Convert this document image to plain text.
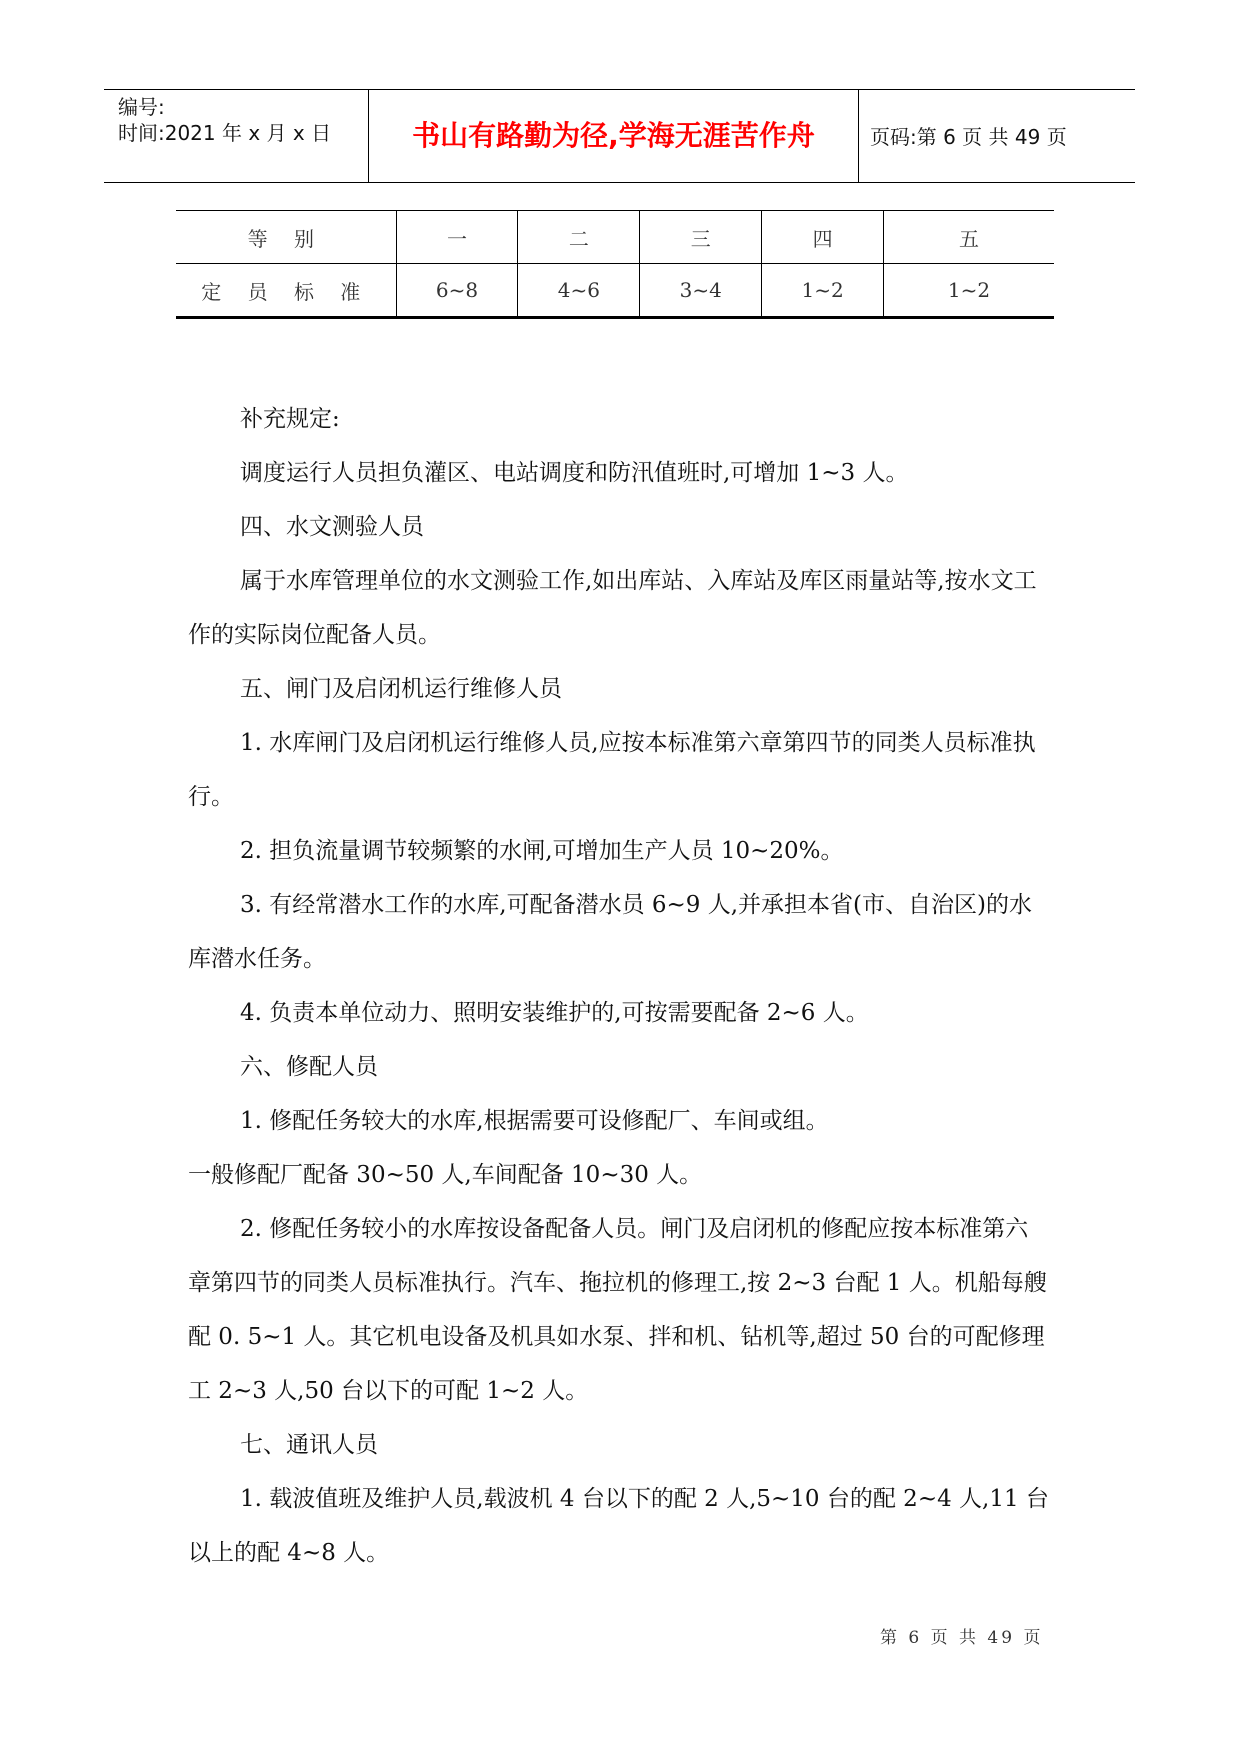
编号:
时间:2021 年 x 月 x 日	书山有路勤为径,学海无涯苦作舟	页码:第 6 页 共 49 页
等 别	一	二	三	四	五
定 员 标 准	6~8	4~6	3~4	1~2	1~2

补充规定:

调度运行人员担负灌区、电站调度和防汛值班时,可增加 1~3 人。

四、水文测验人员

属于水库管理单位的水文测验工作,如出库站、入库站及库区雨量站等,按水文工作的实际岗位配备人员。

五、闸门及启闭机运行维修人员

1. 水库闸门及启闭机运行维修人员,应按本标准第六章第四节的同类人员标准执行。

2. 担负流量调节较频繁的水闸,可增加生产人员 10~20%。

3. 有经常潜水工作的水库,可配备潜水员 6~9 人,并承担本省(市、自治区)的水库潜水任务。

4. 负责本单位动力、照明安装维护的,可按需要配备 2~6 人。

六、修配人员

1. 修配任务较大的水库,根据需要可设修配厂、车间或组。

一般修配厂配备 30~50 人,车间配备 10~30 人。

2. 修配任务较小的水库按设备配备人员。闸门及启闭机的修配应按本标准第六章第四节的同类人员标准执行。汽车、拖拉机的修理工,按 2~3 台配 1 人。机船每艘配 0. 5~1 人。其它机电设备及机具如水泵、拌和机、钻机等,超过 50 台的可配修理工 2~3 人,50 台以下的可配 1~2 人。

七、通讯人员

1. 载波值班及维护人员,载波机 4 台以下的配 2 人,5~10 台的配 2~4 人,11 台以上的配 4~8 人。

第 6 页 共 49 页
